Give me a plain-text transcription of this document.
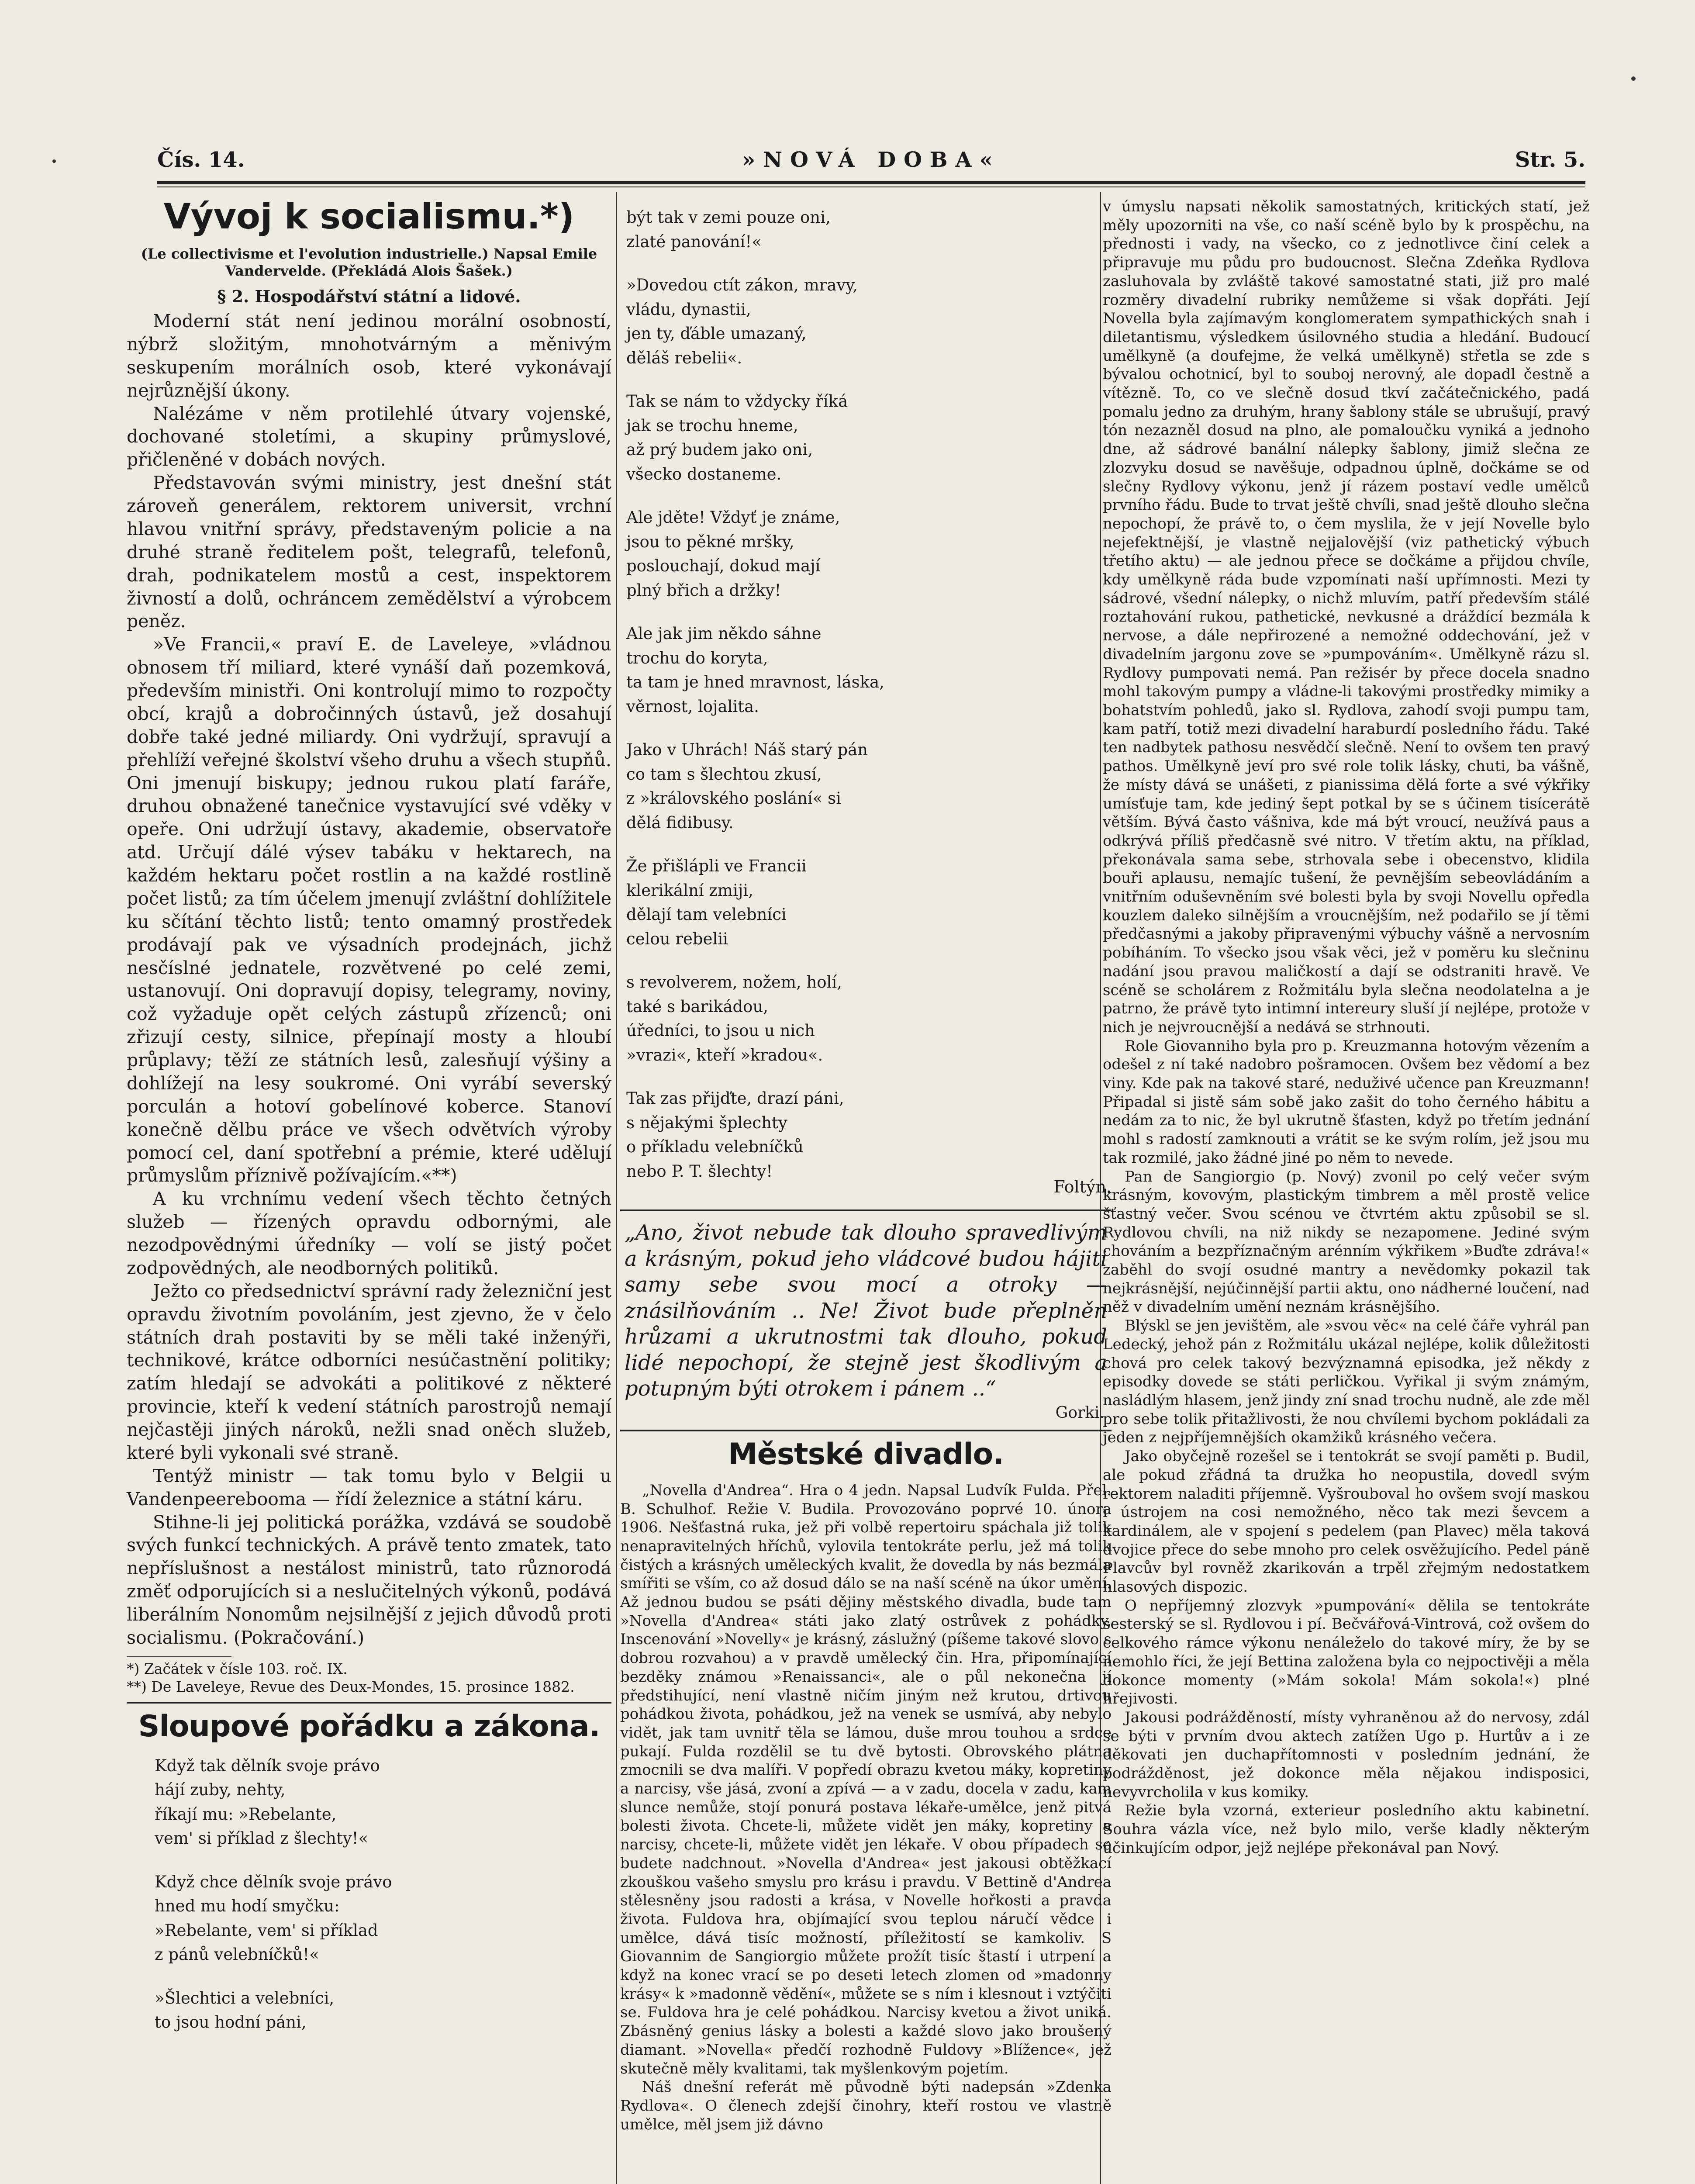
Čís. 14.	»NOVÁ DOBA«	Str. 5.
Vývoj k socialismu.*)

(Le collectivisme et l'evolution industrielle.) Napsal Emile Vandervelde. (Překládá Alois Šašek.)

§ 2. Hospodářství státní a lidové.

Moderní stát není jedinou morální osobností, nýbrž složitým, mnohotvárným a měnivým seskupením morálních osob, které vykonávají nejrůznější úkony.

Nalézáme v něm protilehlé útvary vojenské, dochované stoletími, a skupiny průmyslové, přičleněné v dobách nových.

Představován svými ministry, jest dnešní stát zároveň generálem, rektorem universit, vrchní hlavou vnitřní správy, představeným policie a na druhé straně ředitelem pošt, telegrafů, telefonů, drah, podnikatelem mostů a cest, inspektorem živností a dolů, ochráncem zemědělství a výrobcem peněz.

»Ve Francii,« praví E. de Laveleye, »vládnou obnosem tří miliard, které vynáší daň pozemková, především ministři. Oni kontrolují mimo to rozpočty obcí, krajů a dobročinných ústavů, jež dosahují dobře také jedné miliardy. Oni vydržují, spravují a přehlíží veřejné školství všeho druhu a všech stupňů. Oni jmenují biskupy; jednou rukou platí faráře, druhou obnažené tanečnice vystavující své vděky v opeře. Oni udržují ústavy, akademie, observatoře atd. Určují dálé výsev tabáku v hektarech, na každém hektaru počet rostlin a na každé rostlině počet listů; za tím účelem jmenují zvláštní dohlížitele ku sčítání těchto listů; tento omamný prostředek prodávají pak ve výsadních prodejnách, jichž nesčíslné jednatele, rozvětvené po celé zemi, ustanovují. Oni dopravují dopisy, telegramy, noviny, což vyžaduje opět celých zástupů zřízenců; oni zřizují cesty, silnice, přepínají mosty a hloubí průplavy; těží ze státních lesů, zalesňují výšiny a dohlížejí na lesy soukromé. Oni vyrábí severský porculán a hotoví gobelínové koberce. Stanoví konečně dělbu práce ve všech odvětvích výroby pomocí cel, daní spotřební a prémie, které udělují průmyslům příznivě požívajícím.«**)

A ku vrchnímu vedení všech těchto četných služeb — řízených opravdu odbornými, ale nezodpovědnými úředníky — volí se jistý počet zodpovědných, ale neodborných politiků.

Ježto co předsednictví správní rady železniční jest opravdu životním povoláním, jest zjevno, že v čelo státních drah postaviti by se měli také inženýři, technikové, krátce odborníci nesúčastnění politiky; zatím hledají se advokáti a politikové z některé provincie, kteří k vedení státních parostrojů nemají nejčastěji jiných nároků, nežli snad oněch služeb, které byli vykonali své straně.

Tentýž ministr — tak tomu bylo v Belgii u Vandenpeerebooma — řídí železnice a státní káru.

Stihne-li jej politická porážka, vzdává se soudobě svých funkcí technických. A právě tento zmatek, tato nepříslušnost a nestálost ministrů, tato různorodá změť odporujících si a neslučitelných výkonů, podává liberálním Nonomům nejsilnější z jejich důvodů proti socialismu. (Pokračování.)

*) Začátek v čísle 103. roč. IX.

**) De Laveleye, Revue des Deux-Mondes, 15. prosince 1882.

Sloupové pořádku a zákona.

Když tak dělník svoje právo
hájí zuby, nehty,
říkají mu: »Rebelante,
vem' si příklad z šlechty!«

Když chce dělník svoje právo
hned mu hodí smyčku:
»Rebelante, vem' si příklad
z pánů velebníčků!«

»Šlechtici a velebníci,
to jsou hodní páni,

být tak v zemi pouze oni,
zlaté panování!«

»Dovedou ctít zákon, mravy,
vládu, dynastii,
jen ty, ďáble umazaný,
děláš rebelii«.

Tak se nám to vždycky říká
jak se trochu hneme,
až prý budem jako oni,
všecko dostaneme.

Ale jděte! Vždyť je známe,
jsou to pěkné mršky,
poslouchají, dokud mají
plný břich a držky!

Ale jak jim někdo sáhne
trochu do koryta,
ta tam je hned mravnost, láska,
věrnost, lojalita.

Jako v Uhrách! Náš starý pán
co tam s šlechtou zkusí,
z »královského poslání« si
dělá fidibusy.

Že přišlápli ve Francii
klerikální zmiji,
dělají tam velebníci
celou rebelii

s revolverem, nožem, holí,
také s barikádou,
úředníci, to jsou u nich
»vrazi«, kteří »kradou«.

Tak zas přijďte, drazí páni,
s nějakými šplechty
o příkladu velebníčků
nebo P. T. šlechty!

Foltýn.

„Ano, život nebude tak dlouho spravedlivým a krásným, pokud jeho vládcové budou hájiti samy sebe svou mocí a otroky — znásilňováním .. Ne! Život bude přeplněn hrůzami a ukrutnostmi tak dlouho, pokud lidé nepochopí, že stejně jest škodlivým a potupným býti otrokem i pánem ..“

Gorki.

Městské divadlo.

„Novella d'Andrea“. Hra o 4 jedn. Napsal Ludvík Fulda. Přel. B. Schulhof. Režie V. Budila. Provozováno poprvé 10. února 1906. Nešťastná ruka, jež při volbě repertoiru spáchala již tolik nenapravitelných hříchů, vylovila tentokráte perlu, jež má tolik čistých a krásných uměleckých kvalit, že dovedla by nás bezmála smířiti se vším, co až dosud dálo se na naší scéně na úkor umění. Až jednou budou se psáti dějiny městského divadla, bude tam »Novella d'Andrea« státi jako zlatý ostrůvek z pohádky. Inscenování »Novelly« je krásný, záslužný (píšeme takové slovo s dobrou rozvahou) a v pravdě umělecký čin. Hra, připomínající bezděky známou »Renaissanci«, ale o půl nekonečna jí předstihující, není vlastně ničím jiným než krutou, drtivou pohádkou života, pohádkou, jež na venek se usmívá, aby nebylo vidět, jak tam uvnitř těla se lámou, duše mrou touhou a srdce pukají. Fulda rozdělil se tu dvě bytosti. Obrovského plátna zmocnili se dva malíři. V popředí obrazu kvetou máky, kopretiny a narcisy, vše jásá, zvoní a zpívá — a v zadu, docela v zadu, kam sluncе nemůže, stojí ponurá postava lékaře-umělce, jenž pitvá bolesti života. Chcete-li, můžete vidět jen máky, kopretiny a narcisy, chcete-li, můžete vidět jen lékaře. V obou případech se budete nadchnout. »Novella d'Andrea« jest jakousi obtěžkací zkouškou vašeho smyslu pro krásu i pravdu. V Bettině d'Andrea stělesněny jsou radosti a krása, v Novelle hořkosti a pravda života. Fuldova hra, objímající svou teplou náručí vědce i umělce, dává tisíc možností, příležitostí se kamkoliv. S Giovannim de Sangiorgio můžete prožít tisíc štastí i utrpení a když na konec vrací se po deseti letech zlomen od »madonny krásy« k »madonně vědění«, můžete se s ním i klesnout i vztýčiti se. Fuldova hra je celé pohádkou. Narcisy kvetou a život uniká. Zbásněný genius lásky a bolesti a každé slovo jako broušený diamant. »Novella« předčí rozhodně Fuldovy »Blížence«, jež skutečně měly kvalitami, tak myšlenkovým pojetím.

Náš dnešní referát mě původně býti nadepsán »Zdenka Rydlova«. O členech zdejší činohry, kteří rostou ve vlastně umělce, měl jsem již dávno

v úmyslu napsati několik samostatných, kritických statí, jež měly upozorniti na vše, co naší scéně bylo by k prospěchu, na přednosti i vady, na všecko, co z jednotlivce činí celek a připravuje mu půdu pro budoucnost. Slečna Zdeňka Rydlova zasluhovala by zvláště takové samostatné stati, již pro malé rozměry divadelní rubriky nemůžeme si však dopřáti. Její Novella byla zajímavým konglomeratem sympathických snah i diletantismu, výsledkem úsilovného studia a hledání. Budoucí umělkyně (a doufejme, že velká umělkyně) střetla se zde s bývalou ochotnicí, byl to souboj nerovný, ale dopadl čestně a vítězně. To, co ve slečně dosud tkví začátečnického, padá pomalu jedno za druhým, hrany šablony stále se ubrušují, pravý tón nezazněl dosud na plno, ale pomaloučku vyniká a jednoho dne, až sádrové banální nálepky šablony, jimiž slečna ze zlozvyku dosud se navěšuje, odpadnou úplně, dočkáme se od slečny Rydlovy výkonu, jenž jí rázem postaví vedle umělců prvního řádu. Bude to trvat ještě chvíli, snad ještě dlouho slečna nepochopí, že právě to, o čem myslila, že v její Novelle bylo nejefektnější, je vlastně nejjalovější (viz pathetický výbuch třetího aktu) — ale jednou přece se dočkáme a přijdou chvíle, kdy umělkyně ráda bude vzpomínati naší upřímnosti. Mezi ty sádrové, všední nálepky, o nichž mluvím, patří především stálé roztahování rukou, pathetické, nevkusné a dráždící bezmála k nervose, a dále nepřirozené a nemožné oddechování, jež v divadelním jargonu zove se »pumpováním«. Umělkyně rázu sl. Rydlovy pumpovati nemá. Pan režisér by přece docela snadno mohl takovým pumpy a vládne-li takovými prostředky mimiky a bohatstvím pohledů, jako sl. Rydlova, zahodí svoji pumpu tam, kam patří, totiž mezi divadelní haraburdí posledního řádu. Také ten nadbytek pathosu nesvědčí slečně. Není to ovšem ten pravý pathos. Umělkyně jeví pro své role tolik lásky, chuti, ba vášně, že místy dává se unášeti, z pianissima dělá forte a své výkřiky umísťuje tam, kde jediný šept potkal by se s účinem tisícerátě větším. Bývá často vášniva, kde má být vroucí, neužívá paus a odkrývá příliš předčasně své nitro. V třetím aktu, na příklad, překonávala sama sebe, strhovala sebe i obecenstvo, klidila bouři aplausu, nemajíc tušení, že pevnějším sebeovládáním a vnitřním oduševněním své bolesti byla by svoji Novellu opředla kouzlem daleko silnějším a vroucnějším, než podařilo se jí těmi předčasnými a jakoby připravenými výbuchy vášně a nervosním pobíháním. To všecko jsou však věci, jež v poměru ku slečninu nadání jsou pravou maličkostí a dají se odstraniti hravě. Ve scéně se scholárem z Rožmitálu byla slečna neodolatelna a je patrno, že právě tyto intimní intereury sluší jí nejlépe, protože v nich je nejvroucnější a nedává se strhnouti.

Role Giovanniho byla pro p. Kreuzmanna hotovým vězením a odešel z ní také nadobro pošramocen. Ovšem bez vědomí a bez viny. Kde pak na takové staré, neduživé učence pan Kreuzmann! Připadal si jistě sám sobě jako zašit do toho černého hábitu a nedám za to nic, že byl ukrutně šťasten, když po třetím jednání mohl s radostí zamknouti a vrátit se ke svým rolím, jež jsou mu tak rozmilé, jako žádné jiné po něm to nevedе.

Pan de Sangiorgio (p. Nový) zvonil po celý večer svým krásným, kovovým, plastickým timbrem a měl prostě velice šťastný večer. Svou scénou ve čtvrtém aktu způsobil se sl. Rydlovou chvíli, na niž nikdy se nezapomene. Jediné svým chováním a bezpříznačným arénním výkřikem »Buďte zdráva!« zaběhl do svojí osudné mantry a nevědomky pokazil tak nejkrásnější, nejúčinnější partii aktu, ono nádherné loučení, nad něž v divadelním umění neznám krásnějšího.

Blýskl se jen jevištěm, ale »svou věc« na celé čáře vyhrál pan Ledecký, jehož pán z Rožmitálu ukázal nejlépe, kolik důležitosti chová pro celek takový bezvýznamná episodka, jež někdy z episodky dovede se státi perličkou. Vyřikal ji svým známým, nasládlým hlasem, jenž jindy zní snad trochu nudně, ale zde měl pro sebe tolik přitažlivosti, že nou chvílemi bychom pokládali za jeden z nejpříjemnějších okamžiků krásného večera.

Jako obyčejně rozešel se i tentokrát se svojí paměti p. Budil, ale pokud zřádná ta družka ho neopustila, dovedl svým rektorem naladiti příjemně. Vyšrouboval ho ovšem svojí maskou i ústrojem na cosi nemožného, něco tak mezi ševcem a kardinálem, ale v spojení s pedelem (pan Plavec) měla taková dvojice přece do sebe mnoho pro celek osvěžujícího. Pedel páně Plavcův byl rovněž zkarikován a trpěl zřejmým nedostatkem hlasových dispozic.

O nepříjemný zlozvyk »pumpování« dělila se tentokráte sesterský se sl. Rydlovou i pí. Bečvářová-Vintrová, což ovšem do celkového rámce výkonu nenáleželo do takové míry, že by se nemohlo říci, že její Bettina založena byla co nejpoctivěji a měla dokonce momenty (»Mám sokola! Mám sokola!«) plné hřejivosti.

Jakousi podrážděností, místy vyhraněnou až do nervosy, zdál se býti v prvním dvou aktech zatížen Ugo p. Hurtův a i ze děkovati jen duchapřítomnosti v posledním jednání, že podrážděnost, jež dokonce měla nějakou indisposici, nevyvrcholila v kus komiky.

Režie byla vzorná, exterieur posledního aktu kabinetní. Souhra vázla více, než bylo milo, verše kladly některým účinkujícím odpor, jejž nejlépe překonával pan Nový.
